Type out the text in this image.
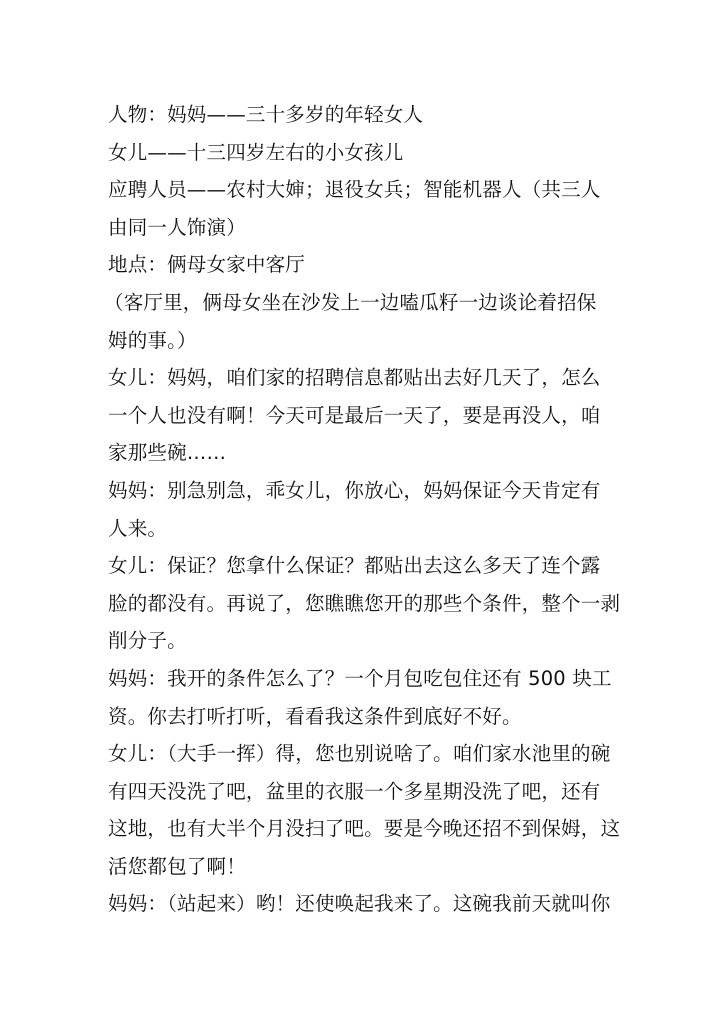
人物：妈妈——三十多岁的年轻女人
女儿——十三四岁左右的小女孩儿
应聘人员——农村大婶；退役女兵；智能机器人（共三人
由同一人饰演）
地点：俩母女家中客厅
（客厅里，俩母女坐在沙发上一边嗑瓜籽一边谈论着招保
姆的事。）
女儿：妈妈，咱们家的招聘信息都贴出去好几天了，怎么
一个人也没有啊！今天可是最后一天了，要是再没人，咱
家那些碗……
妈妈：别急别急，乖女儿，你放心，妈妈保证今天肯定有
人来。
女儿：保证？您拿什么保证？都贴出去这么多天了连个露
脸的都没有。再说了，您瞧瞧您开的那些个条件，整个一剥
削分子。
妈妈：我开的条件怎么了？一个月包吃包住还有 500 块工
资。你去打听打听，看看我这条件到底好不好。
女儿：（大手一挥）得，您也别说啥了。咱们家水池里的碗
有四天没洗了吧，盆里的衣服一个多星期没洗了吧，还有
这地，也有大半个月没扫了吧。要是今晚还招不到保姆，这
活您都包了啊！
妈妈：（站起来）哟！还使唤起我来了。这碗我前天就叫你
